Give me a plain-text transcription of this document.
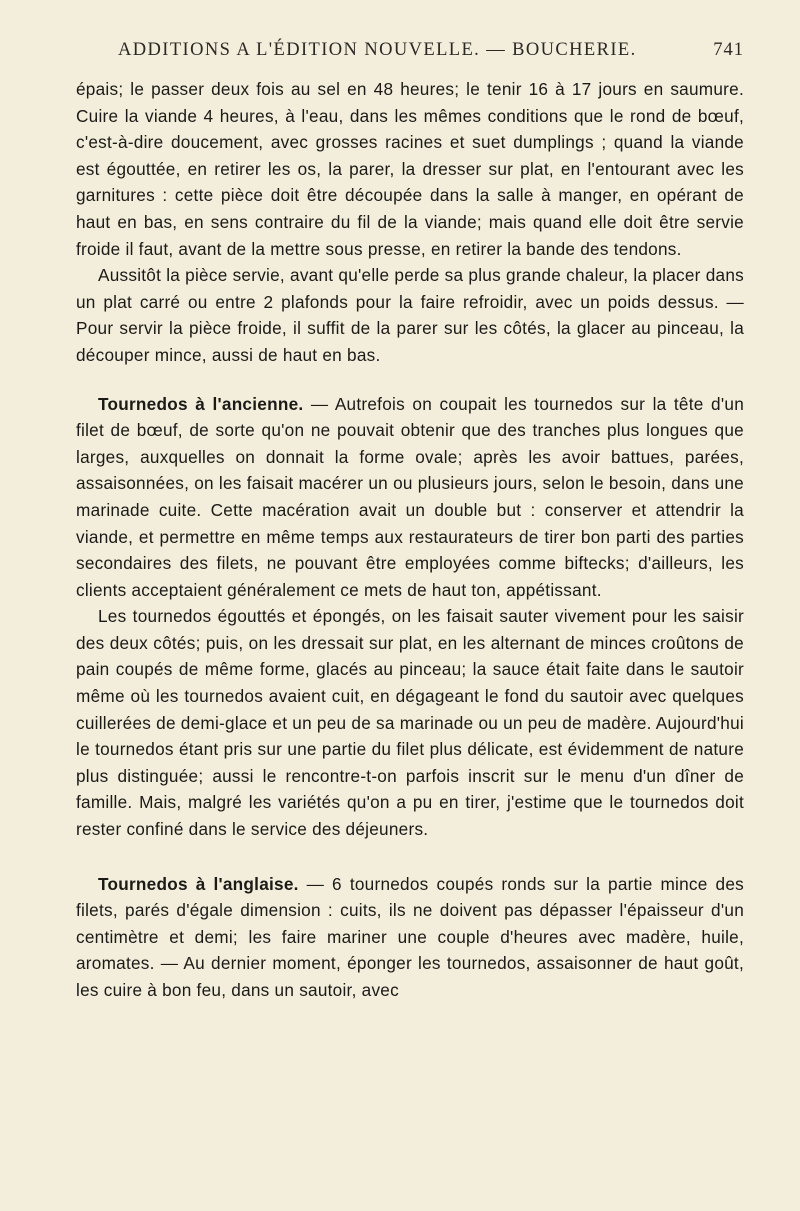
ADDITIONS A L'ÉDITION NOUVELLE. — BOUCHERIE.	741

épais; le passer deux fois au sel en 48 heures; le tenir 16 à 17 jours en saumure. Cuire la viande 4 heures, à l'eau, dans les mêmes conditions que le rond de bœuf, c'est-à-dire doucement, avec grosses racines et suet dumplings ; quand la viande est égouttée, en retirer les os, la parer, la dresser sur plat, en l'entourant avec les garnitures : cette pièce doit être découpée dans la salle à manger, en opérant de haut en bas, en sens contraire du fil de la viande; mais quand elle doit être servie froide il faut, avant de la mettre sous presse, en retirer la bande des tendons.

Aussitôt la pièce servie, avant qu'elle perde sa plus grande chaleur, la placer dans un plat carré ou entre 2 plafonds pour la faire refroidir, avec un poids dessus. — Pour servir la pièce froide, il suffit de la parer sur les côtés, la glacer au pinceau, la découper mince, aussi de haut en bas.

Tournedos à l'ancienne. — Autrefois on coupait les tournedos sur la tête d'un filet de bœuf, de sorte qu'on ne pouvait obtenir que des tranches plus longues que larges, auxquelles on donnait la forme ovale; après les avoir battues, parées, assaisonnées, on les faisait macérer un ou plusieurs jours, selon le besoin, dans une marinade cuite. Cette macération avait un double but : conserver et attendrir la viande, et permettre en même temps aux restaurateurs de tirer bon parti des parties secondaires des filets, ne pouvant être employées comme biftecks; d'ailleurs, les clients acceptaient généralement ce mets de haut ton, appétissant.

Les tournedos égouttés et épongés, on les faisait sauter vivement pour les saisir des deux côtés; puis, on les dressait sur plat, en les alternant de minces croûtons de pain coupés de même forme, glacés au pinceau; la sauce était faite dans le sautoir même où les tournedos avaient cuit, en dégageant le fond du sautoir avec quelques cuillerées de demi-glace et un peu de sa marinade ou un peu de madère. Aujourd'hui le tournedos étant pris sur une partie du filet plus délicate, est évidemment de nature plus distinguée; aussi le rencontre-t-on parfois inscrit sur le menu d'un dîner de famille. Mais, malgré les variétés qu'on a pu en tirer, j'estime que le tournedos doit rester confiné dans le service des déjeuners.

Tournedos à l'anglaise. — 6 tournedos coupés ronds sur la partie mince des filets, parés d'égale dimension : cuits, ils ne doivent pas dépasser l'épaisseur d'un centimètre et demi; les faire mariner une couple d'heures avec madère, huile, aromates. — Au dernier moment, éponger les tournedos, assaisonner de haut goût, les cuire à bon feu, dans un sautoir, avec
